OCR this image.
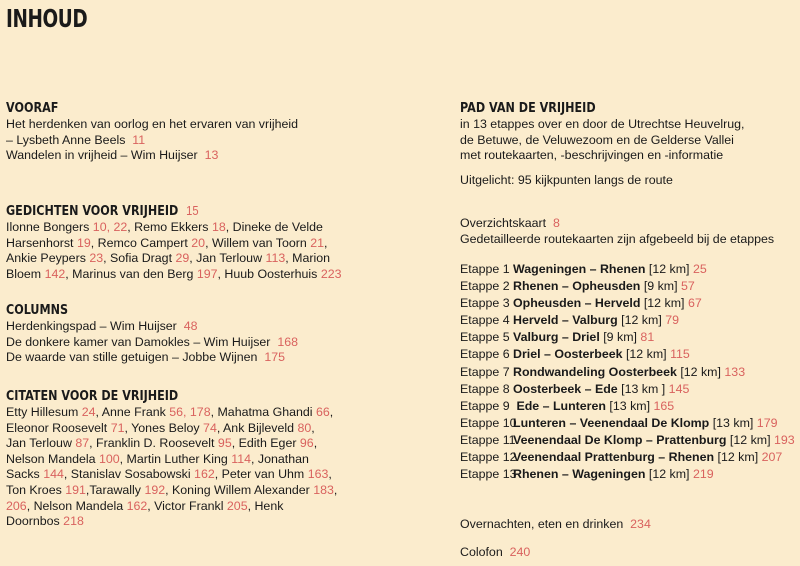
INHOUD
VOORAF
Het herdenken van oorlog en het ervaren van vrijheid
– Lysbeth Anne Beels 11
Wandelen in vrijheid – Wim Huijser 13
GEDICHTEN VOOR VRIJHEID 15
Ilonne Bongers 10, 22, Remo Ekkers 18, Dineke de Velde
Harsenhorst 19, Remco Campert 20, Willem van Toorn 21,
Ankie Peypers 23, Sofia Dragt 29, Jan Terlouw 113, Marion
Bloem 142, Marinus van den Berg 197, Huub Oosterhuis 223
COLUMNS
Herdenkingspad – Wim Huijser 48
De donkere kamer van Damokles – Wim Huijser 168
De waarde van stille getuigen – Jobbe Wijnen 175
CITATEN VOOR DE VRIJHEID
Etty Hillesum 24, Anne Frank 56, 178, Mahatma Ghandi 66,
Eleonor Roosevelt 71, Yones Beloy 74, Ank Bijleveld 80,
Jan Terlouw 87, Franklin D. Roosevelt 95, Edith Eger 96,
Nelson Mandela 100, Martin Luther King 114, Jonathan
Sacks 144, Stanislav Sosabowski 162, Peter van Uhm 163,
Ton Kroes 191,Tarawally 192, Koning Willem Alexander 183,
206, Nelson Mandela 162, Victor Frankl 205, Henk
Doornbos 218
PAD VAN DE VRIJHEID
in 13 etappes over en door de Utrechtse Heuvelrug,
de Betuwe, de Veluwezoom en de Gelderse Vallei
met routekaarten, -beschrijvingen en -informatie
Uitgelicht: 95 kijkpunten langs de route
Overzichtskaart 8
Gedetailleerde routekaarten zijn afgebeeld bij de etappes
Etappe 1 Wageningen – Rhenen [12 km] 25
Etappe 2 Rhenen – Opheusden [9 km] 57
Etappe 3 Opheusden – Herveld [12 km] 67
Etappe 4 Herveld – Valburg [12 km] 79
Etappe 5 Valburg – Driel [9 km] 81
Etappe 6 Driel – Oosterbeek [12 km] 115
Etappe 7 Rondwandeling Oosterbeek [12 km] 133
Etappe 8 Oosterbeek – Ede [13 km ] 145
Etappe 9 Ede – Lunteren [13 km] 165
Etappe 10Lunteren – Veenendaal De Klomp [13 km] 179
Etappe 11Veenendaal De Klomp – Prattenburg [12 km] 193
Etappe 12Veenendaal Prattenburg – Rhenen [12 km] 207
Etappe 13Rhenen – Wageningen [12 km] 219
Overnachten, eten en drinken 234
Colofon 240
